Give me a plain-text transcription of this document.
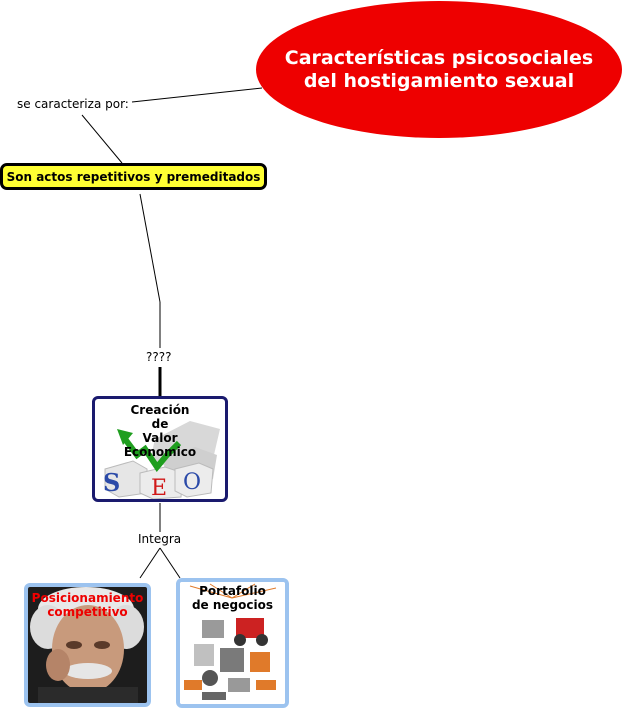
Características psicosociales
del hostigamiento sexual
se caracteriza por:
????
Integra
Son actos repetitivos y premeditados
S E O
Creación
de
Valor
Economico
Posicionamiento
competitivo
Portafolio
de negocios
